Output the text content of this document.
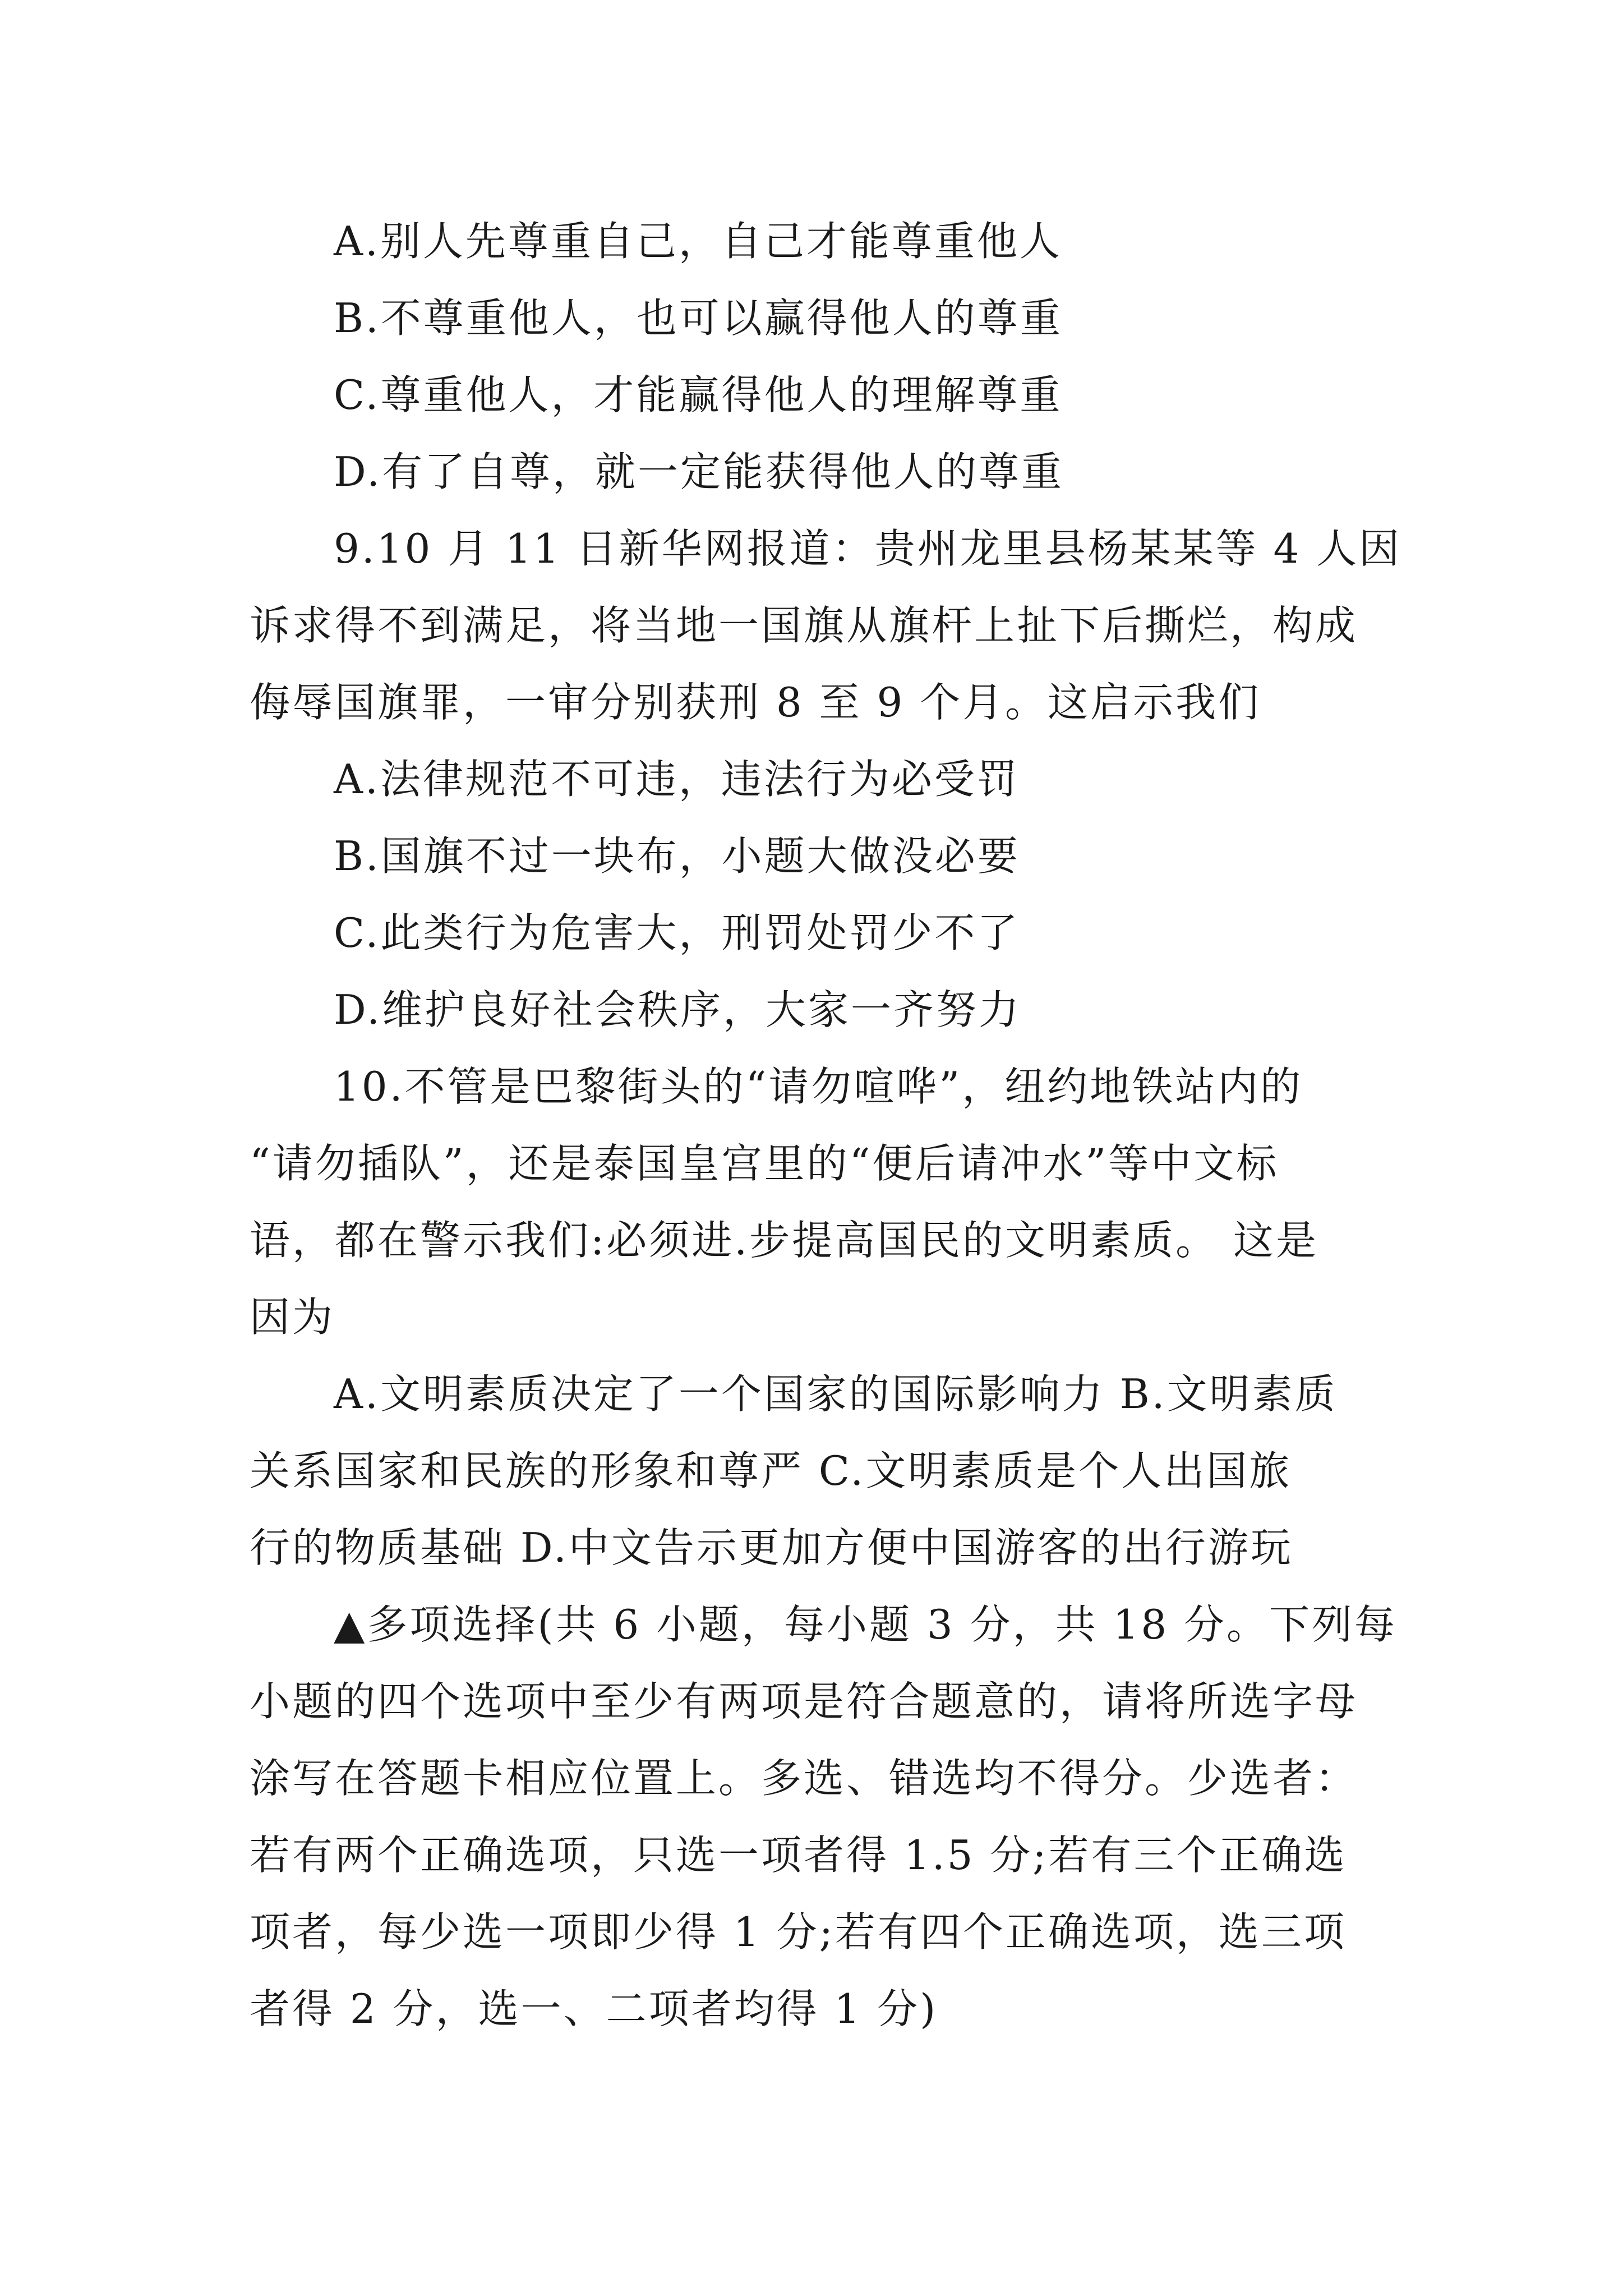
A.别人先尊重自己，自己才能尊重他人
B.不尊重他人，也可以赢得他人的尊重
C.尊重他人，才能赢得他人的理解尊重
D.有了自尊，就一定能获得他人的尊重
9.10 月 11 日新华网报道：贵州龙里县杨某某等 4 人因
诉求得不到满足，将当地一国旗从旗杆上扯下后撕烂，构成
侮辱国旗罪，一审分别获刑 8 至 9 个月。这启示我们
A.法律规范不可违，违法行为必受罚
B.国旗不过一块布，小题大做没必要
C.此类行为危害大，刑罚处罚少不了
D.维护良好社会秩序，大家一齐努力
10.不管是巴黎街头的“请勿喧哗”，纽约地铁站内的
“请勿插队”，还是泰国皇宫里的“便后请冲水”等中文标
语，都在警示我们:必须进.步提高国民的文明素质。 这是
因为
A.文明素质决定了一个国家的国际影响力 B.文明素质
关系国家和民族的形象和尊严 C.文明素质是个人出国旅
行的物质基础 D.中文告示更加方便中国游客的出行游玩
▲多项选择(共 6 小题，每小题 3 分，共 18 分。下列每
小题的四个选项中至少有两项是符合题意的，请将所选字母
涂写在答题卡相应位置上。多选、错选均不得分。少选者：
若有两个正确选项，只选一项者得 1.5 分;若有三个正确选
项者，每少选一项即少得 1 分;若有四个正确选项，选三项
者得 2 分，选一、二项者均得 1 分)
